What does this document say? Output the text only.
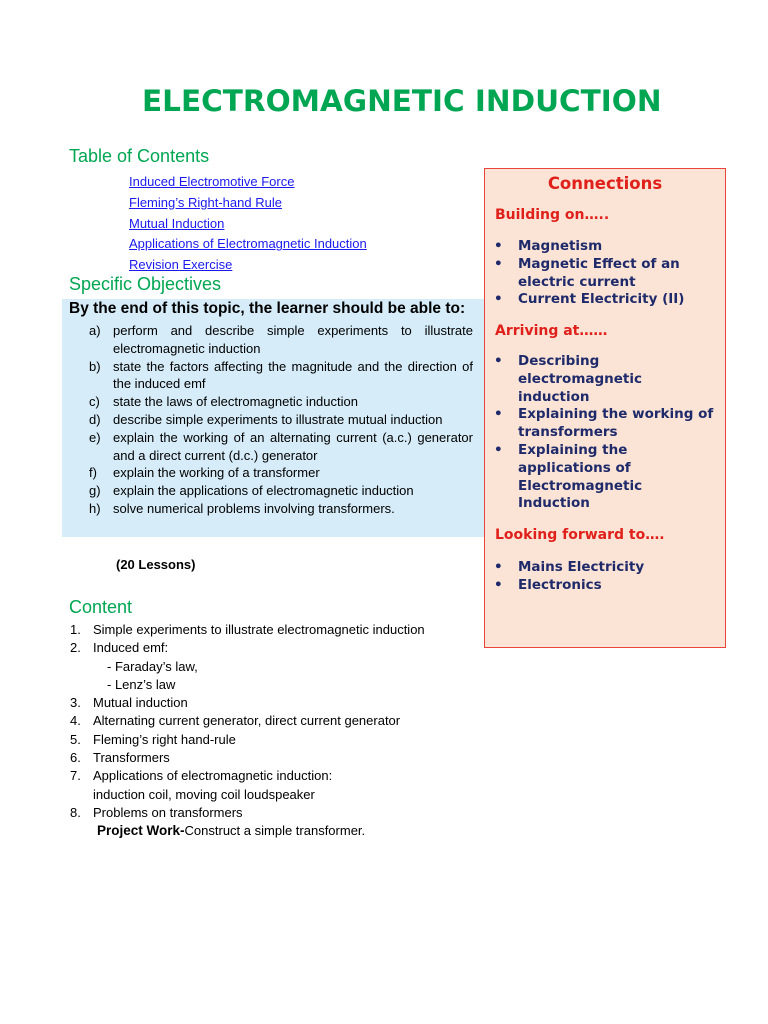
ELECTROMAGNETIC INDUCTION
Table of Contents
Induced Electromotive Force
Fleming’s Right-hand Rule
Mutual Induction
Applications of Electromagnetic Induction
Revision Exercise
Specific Objectives
By the end of this topic, the learner should be able to:
a) perform and describe simple experiments to illustrate electromagnetic induction
b) state the factors affecting the magnitude and the direction of the induced emf
c)	state the laws of electromagnetic induction
d) describe simple experiments to illustrate mutual induction
e) explain the working of an alternating current (a.c.) generator and a direct current (d.c.) generator
f)	explain the working of a transformer
g) explain the applications of electromagnetic induction
h) solve numerical problems involving transformers.
(20 Lessons)
Content
1. Simple experiments to illustrate electromagnetic induction
2. Induced emf:
- Faraday’s law,
- Lenz’s law
3. Mutual induction
4. Alternating current generator, direct current generator
5. Fleming’s right hand-rule
6. Transformers
7. Applications of electromagnetic induction:
induction coil, moving coil loudspeaker
8. Problems on transformers
Project Work-Construct a simple transformer.
Connections
Building on…..
•	Magnetism
•	Magnetic Effect of an electric current
•	Current Electricity (II)
Arriving at……
•	Describing electromagnetic induction
•	Explaining the working of transformers
•	Explaining the applications of Electromagnetic Induction
Looking forward to….
•	Mains Electricity
•	Electronics
